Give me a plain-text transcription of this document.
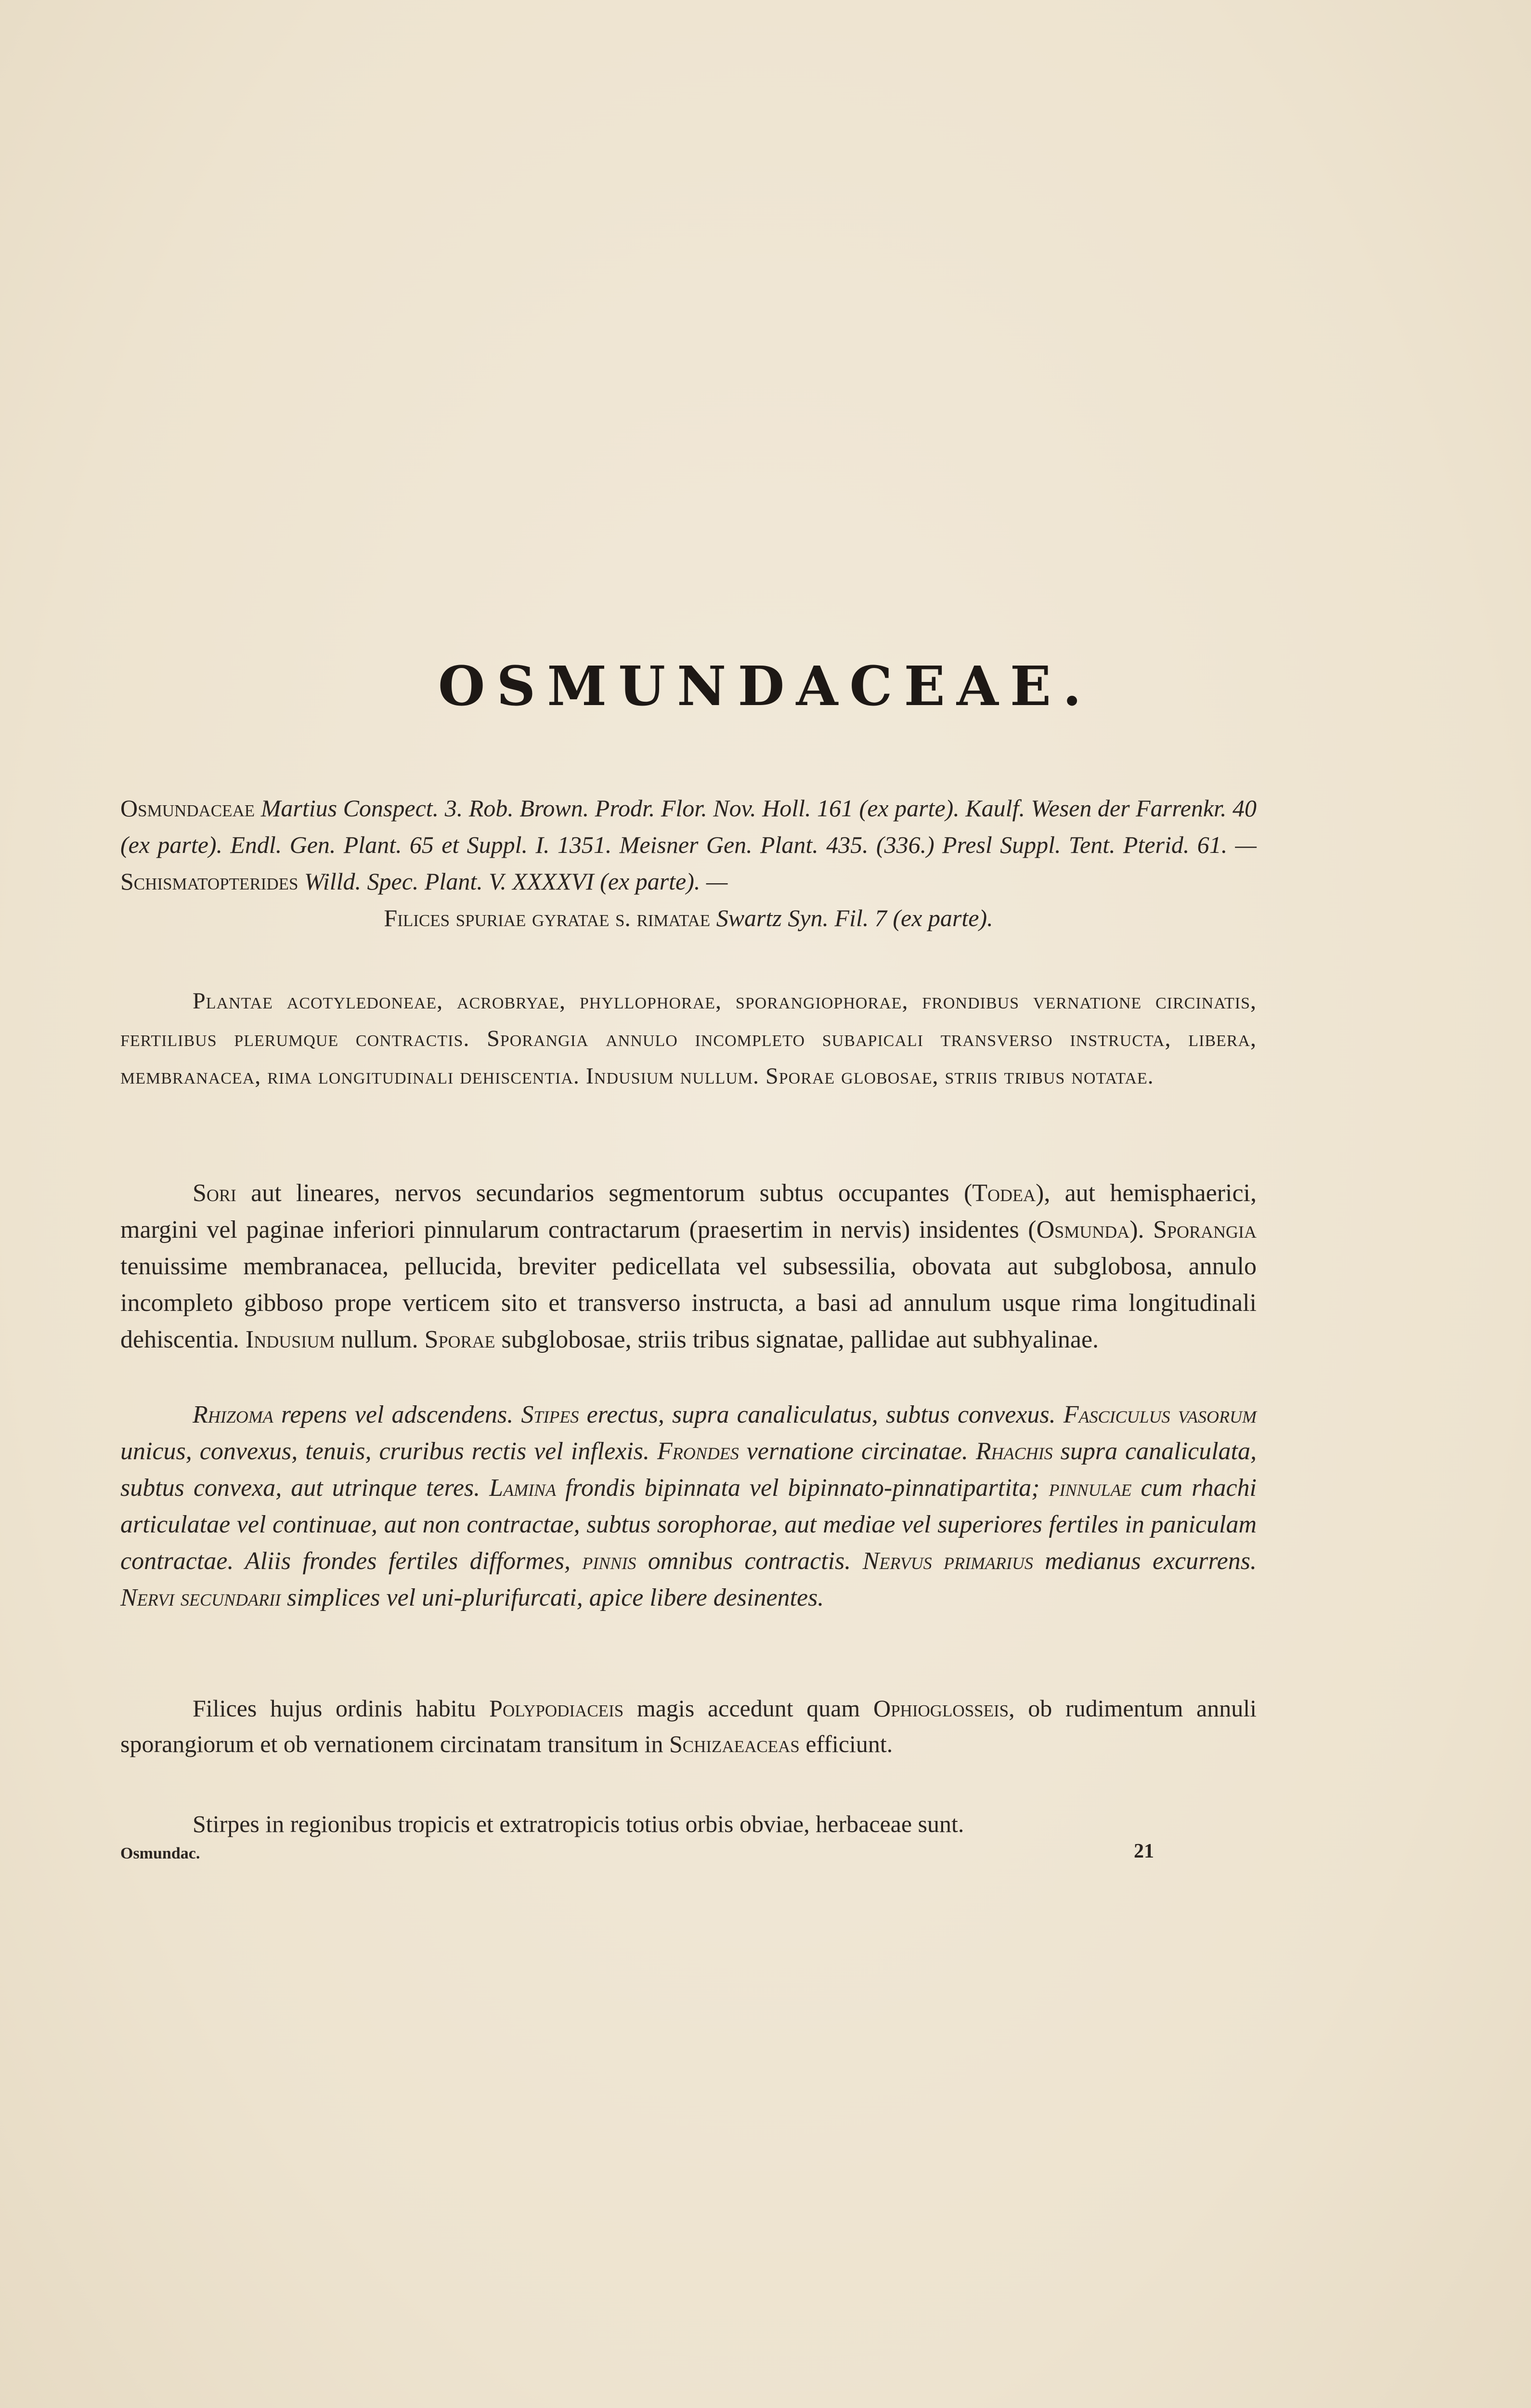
OSMUNDACEAE.
Osmundaceae Martius Conspect. 3. Rob. Brown. Prodr. Flor. Nov. Holl. 161 (ex parte). Kaulf. Wesen der Farrenkr. 40 (ex parte). Endl. Gen. Plant. 65 et Suppl. I. 1351. Meisner Gen. Plant. 435. (336.) Presl Suppl. Tent. Pterid. 61. — Schismatopterides Willd. Spec. Plant. V. XXXXVI (ex parte). —
Filices spuriae gyratae s. rimatae Swartz Syn. Fil. 7 (ex parte).
Plantae acotyledoneae, acrobryae, phyllophorae, sporangiophorae, frondibus vernatione circinatis, fertilibus plerumque contractis. Sporangia annulo incompleto subapicali transverso instructa, libera, membranacea, rima longitudinali dehiscentia. Indusium nullum. Sporae globosae, striis tribus notatae.
Sori aut lineares, nervos secundarios segmentorum subtus occupantes (Todea), aut hemisphaerici, margini vel paginae inferiori pinnularum contractarum (praesertim in nervis) insidentes (Osmunda). Sporangia tenuissime membranacea, pellucida, breviter pedicellata vel subsessilia, obovata aut subglobosa, annulo incompleto gibboso prope verticem sito et transverso instructa, a basi ad annulum usque rima longitudinali dehiscentia. Indusium nullum. Sporae subglobosae, striis tribus signatae, pallidae aut subhyalinae.
Rhizoma repens vel adscendens. Stipes erectus, supra canaliculatus, subtus convexus. Fasciculus vasorum unicus, convexus, tenuis, cruribus rectis vel inflexis. Frondes vernatione circinatae. Rhachis supra canaliculata, subtus convexa, aut utrinque teres. Lamina frondis bipinnata vel bipinnato-pinnatipartita; pinnulae cum rhachi articulatae vel continuae, aut non contractae, subtus sorophorae, aut mediae vel superiores fertiles in paniculam contractae. Aliis frondes fertiles difformes, pinnis omnibus contractis. Nervus primarius medianus excurrens. Nervi secundarii simplices vel uni-plurifurcati, apice libere desinentes.
Filices hujus ordinis habitu Polypodiaceis magis accedunt quam Ophioglosseis, ob rudimentum annuli sporangiorum et ob vernationem circinatam transitum in Schizaeaceas efficiunt.
Stirpes in regionibus tropicis et extratropicis totius orbis obviae, herbaceae sunt.
Osmundac.	21
